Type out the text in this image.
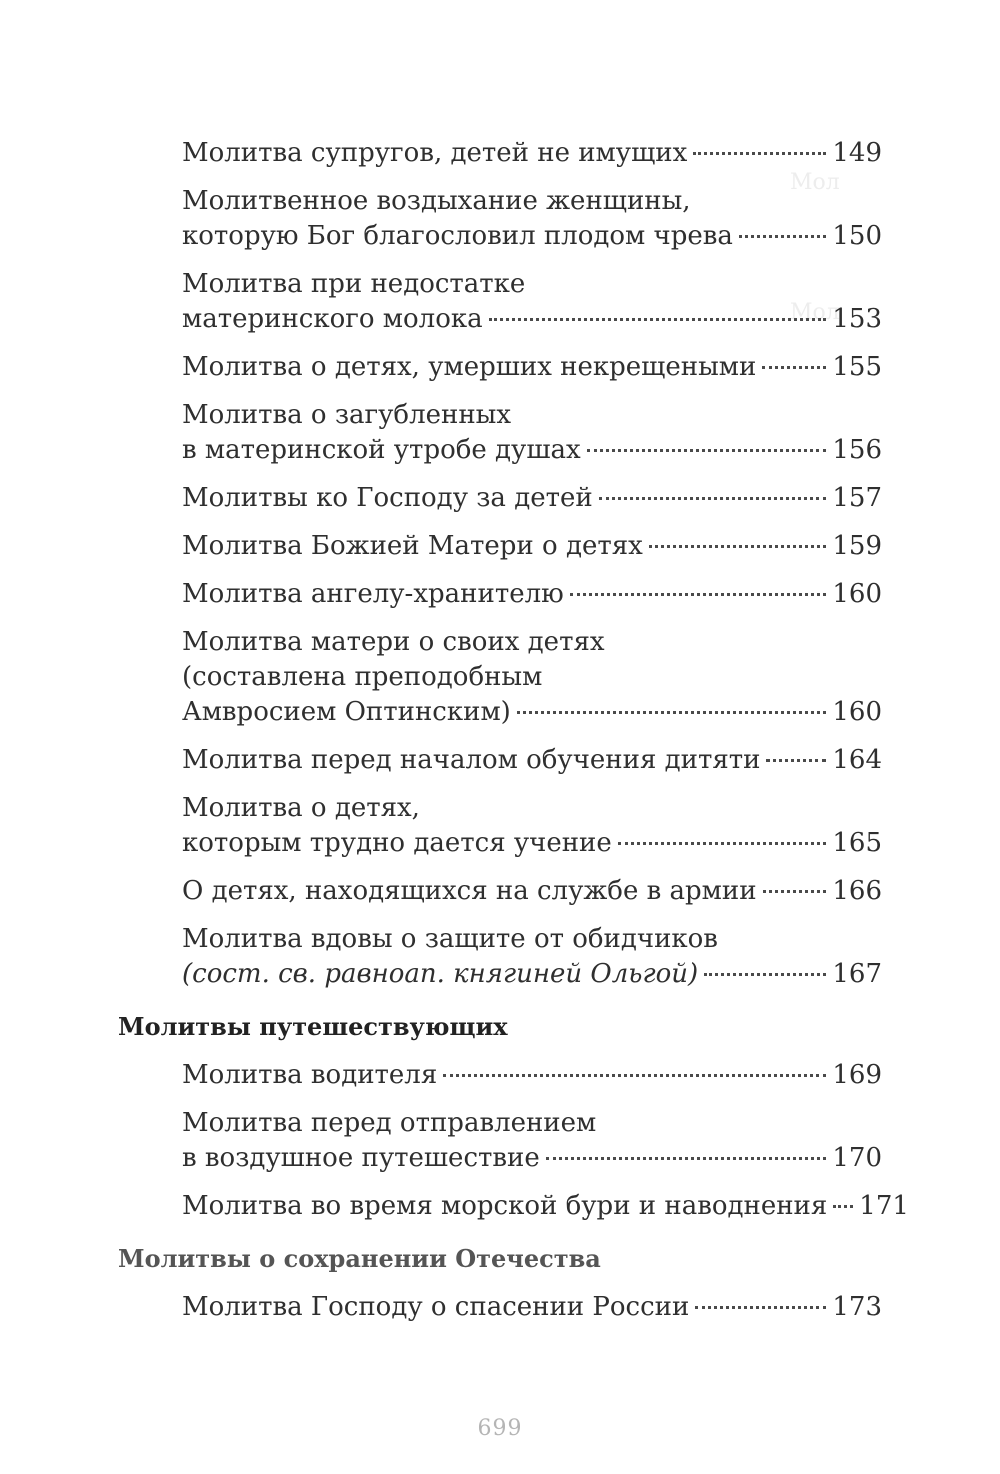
Мол
Мол
Молитва супругов, детей не имущих	149
Молитвенное воздыхание женщины,
которую Бог благословил плодом чрева	150
Молитва при недостатке
материнского молока	153
Молитва о детях, умерших некрещеными	155
Молитва о загубленных
в материнской утробе душах	156
Молитвы ко Господу за детей	157
Молитва Божией Матери о детях	159
Молитва ангелу-хранителю	160
Молитва матери о своих детях
(составлена преподобным
Амвросием Оптинским)	160
Молитва перед началом обучения дитяти	164
Молитва о детях,
которым трудно дается учение	165
О детях, находящихся на службе в армии	166
Молитва вдовы о защите от обидчиков
(сост. св. равноап. княгиней Ольгой)	167
Молитвы путешествующих
Молитва водителя	169
Молитва перед отправлением
в воздушное путешествие	170
Молитва во время морской бури и наводнения 171
Молитвы о сохранении Отечества
Молитва Господу о спасении России	173
699
